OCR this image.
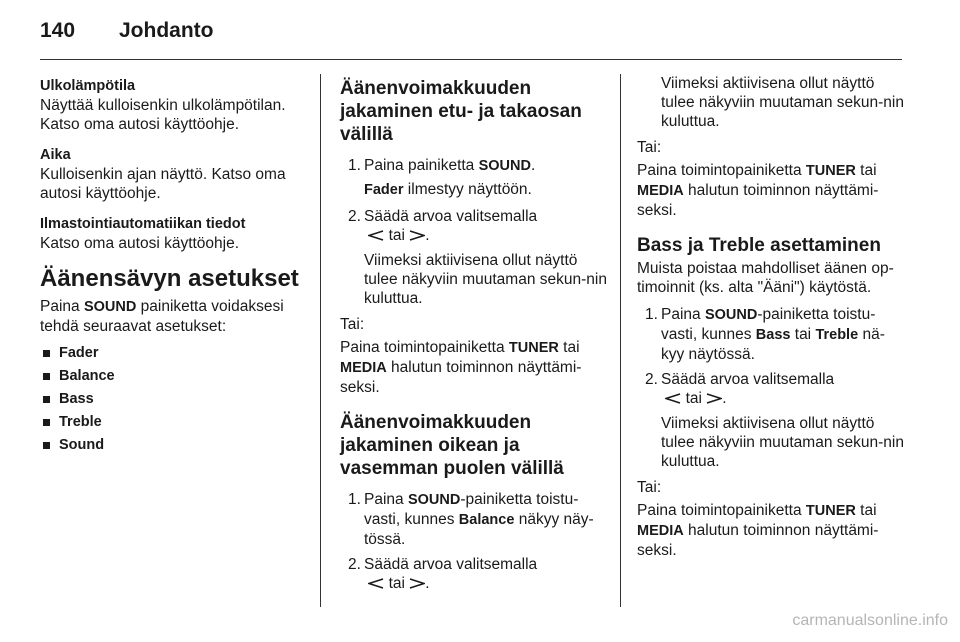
140 Johdanto

Ulkolämpötila

Näyttää kulloisenkin ulkolämpötilan. Katso oma autosi käyttöohje.

Aika

Kulloisenkin ajan näyttö. Katso oma autosi käyttöohje.

Ilmastointiautomatiikan tiedot

Katso oma autosi käyttöohje.

Äänensävyn asetukset

Paina SOUND painiketta voidaksesi tehdä seuraavat asetukset:

Fader
Balance
Bass
Treble
Sound

Äänenvoimakkuuden jakaminen etu- ja takaosan välillä

1. Paina painiketta SOUND.

Fader ilmestyy näyttöön.

2. Säädä arvoa valitsemalla

tai
.

Viimeksi aktiivisena ollut näyttö tulee näkyviin muutaman sekun-nin kuluttua.

Tai:

Paina toimintopainiketta TUNER tai MEDIA halutun toiminnon näyttämi-seksi.

Äänenvoimakkuuden jakaminen oikean ja vasemman puolen välillä

1. Paina SOUND-painiketta toistu-vasti, kunnes Balance näkyy näy-tössä.
2. Säädä arvoa valitsemalla

tai
.

Viimeksi aktiivisena ollut näyttö tulee näkyviin muutaman sekun-nin kuluttua.

Tai:

Paina toimintopainiketta TUNER tai MEDIA halutun toiminnon näyttämi-seksi.

Bass ja Treble asettaminen

Muista poistaa mahdolliset äänen op-timoinnit (ks. alta "Ääni") käytöstä.

1. Paina SOUND-painiketta toistu-vasti, kunnes Bass tai Treble nä-kyy näytössä.
2. Säädä arvoa valitsemalla

tai
.

Viimeksi aktiivisena ollut näyttö tulee näkyviin muutaman sekun-nin kuluttua.

Tai:

Paina toimintopainiketta TUNER tai MEDIA halutun toiminnon näyttämi-seksi.

carmanualsonline.info
